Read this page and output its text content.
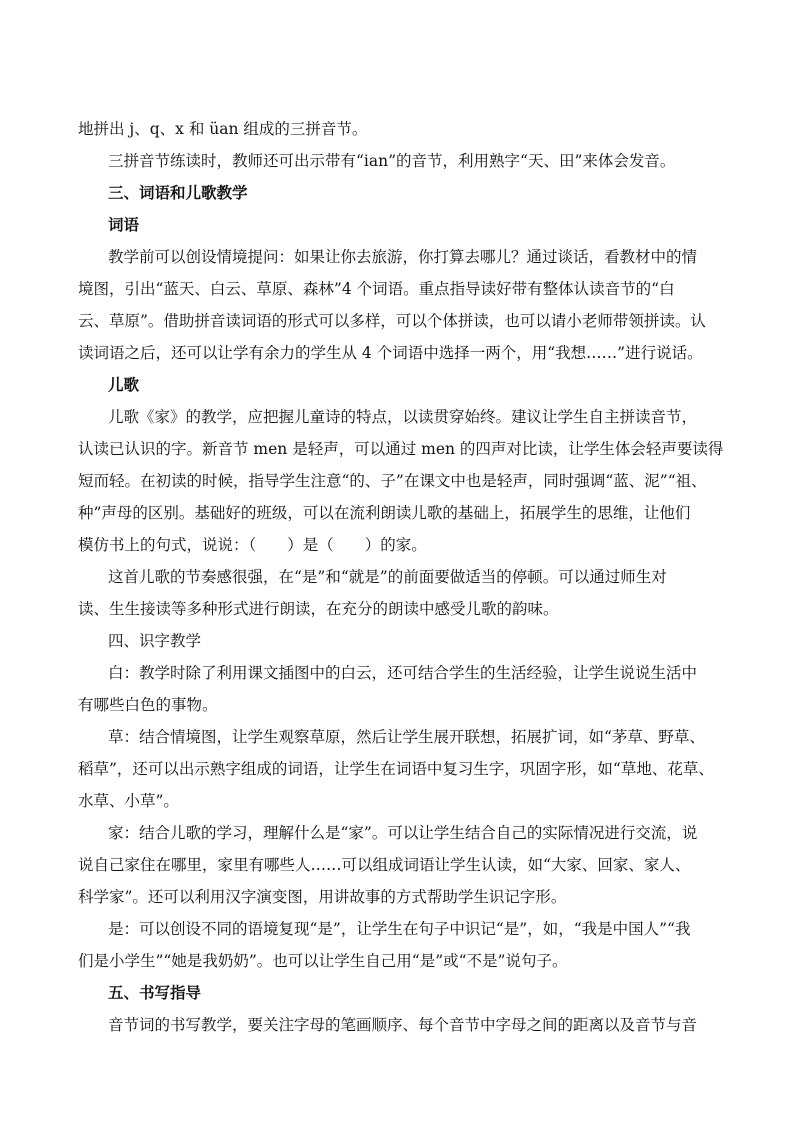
地拼出 j、q、x 和 üan 组成的三拼音节。
三拼音节练读时，教师还可出示带有“ian”的音节，利用熟字“天、田”来体会发音。
三、词语和儿歌教学
词语
教学前可以创设情境提问：如果让你去旅游，你打算去哪儿？通过谈话，看教材中的情
境图，引出“蓝天、白云、草原、森林”4 个词语。重点指导读好带有整体认读音节的“白
云、草原”。借助拼音读词语的形式可以多样，可以个体拼读，也可以请小老师带领拼读。认
读词语之后，还可以让学有余力的学生从 4 个词语中选择一两个，用“我想……”进行说话。
儿歌
儿歌《家》的教学，应把握儿童诗的特点，以读贯穿始终。建议让学生自主拼读音节，
认读已认识的字。新音节 men 是轻声，可以通过 men 的四声对比读，让学生体会轻声要读得
短而轻。在初读的时候，指导学生注意“的、子”在课文中也是轻声，同时强调“蓝、泥”“祖、
种”声母的区别。基础好的班级，可以在流利朗读儿歌的基础上，拓展学生的思维，让他们
模仿书上的句式，说说：（　　）是（　　）的家。
这首儿歌的节奏感很强，在“是”和“就是”的前面要做适当的停顿。可以通过师生对
读、生生接读等多种形式进行朗读，在充分的朗读中感受儿歌的韵味。
四、识字教学
白：教学时除了利用课文插图中的白云，还可结合学生的生活经验，让学生说说生活中
有哪些白色的事物。
草：结合情境图，让学生观察草原，然后让学生展开联想，拓展扩词，如“茅草、野草、
稻草”，还可以出示熟字组成的词语，让学生在词语中复习生字，巩固字形，如“草地、花草、
水草、小草”。
家：结合儿歌的学习，理解什么是“家”。可以让学生结合自己的实际情况进行交流，说
说自己家住在哪里，家里有哪些人……可以组成词语让学生认读，如“大家、回家、家人、
科学家”。还可以利用汉字演变图，用讲故事的方式帮助学生识记字形。
是：可以创设不同的语境复现“是”，让学生在句子中识记“是”，如，“我是中国人”“我
们是小学生”“她是我奶奶”。也可以让学生自己用“是”或“不是”说句子。
五、书写指导
音节词的书写教学，要关注字母的笔画顺序、每个音节中字母之间的距离以及音节与音
